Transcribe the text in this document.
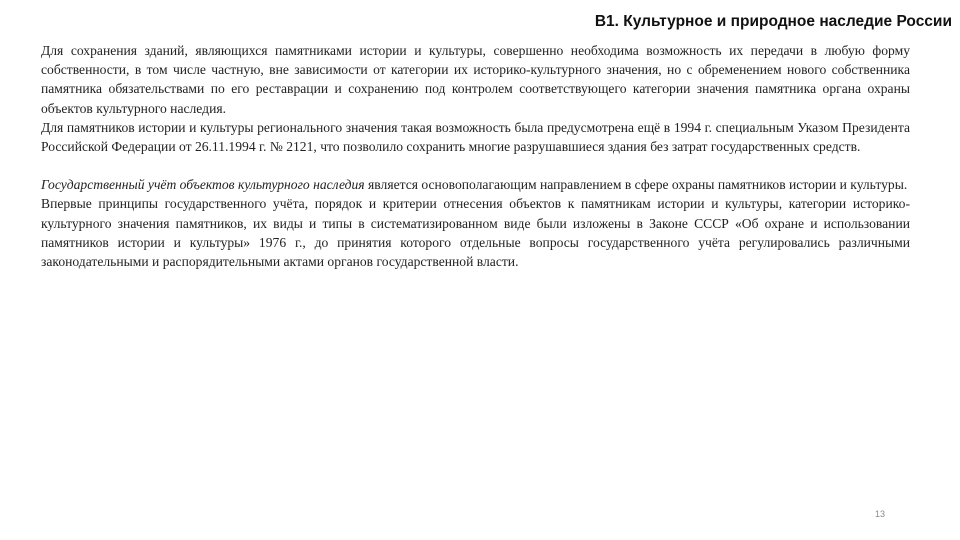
В1. Культурное и природное наследие России

Для сохранения зданий, являющихся памятниками истории и культуры, совершенно необходима возможность их передачи в любую форму собственности, в том числе частную, вне зависимости от категории их историко-культурного значения, но с обременением нового собственника памятника обязательствами по его реставрации и сохранению под контролем соответствующего категории значения памятника органа охраны объектов культурного наследия.

Для памятников истории и культуры регионального значения такая возможность была предусмотрена ещё в 1994 г. специальным Указом Президента Российской Федерации от 26.11.1994 г. № 2121, что позволило сохранить многие разрушавшиеся здания без затрат государственных средств.

Государственный учёт объектов культурного наследия является основополагающим направлением в сфере охраны памятников истории и культуры.

Впервые принципы государственного учёта, порядок и критерии отнесения объектов к памятникам истории и культуры, категории историко-культурного значения памятников, их виды и типы в систематизированном виде были изложены в Законе СССР «Об охране и использовании памятников истории и культуры» 1976 г., до принятия которого отдельные вопросы государственного учёта регулировались различными законодательными и распорядительными актами органов государственной власти.

13
